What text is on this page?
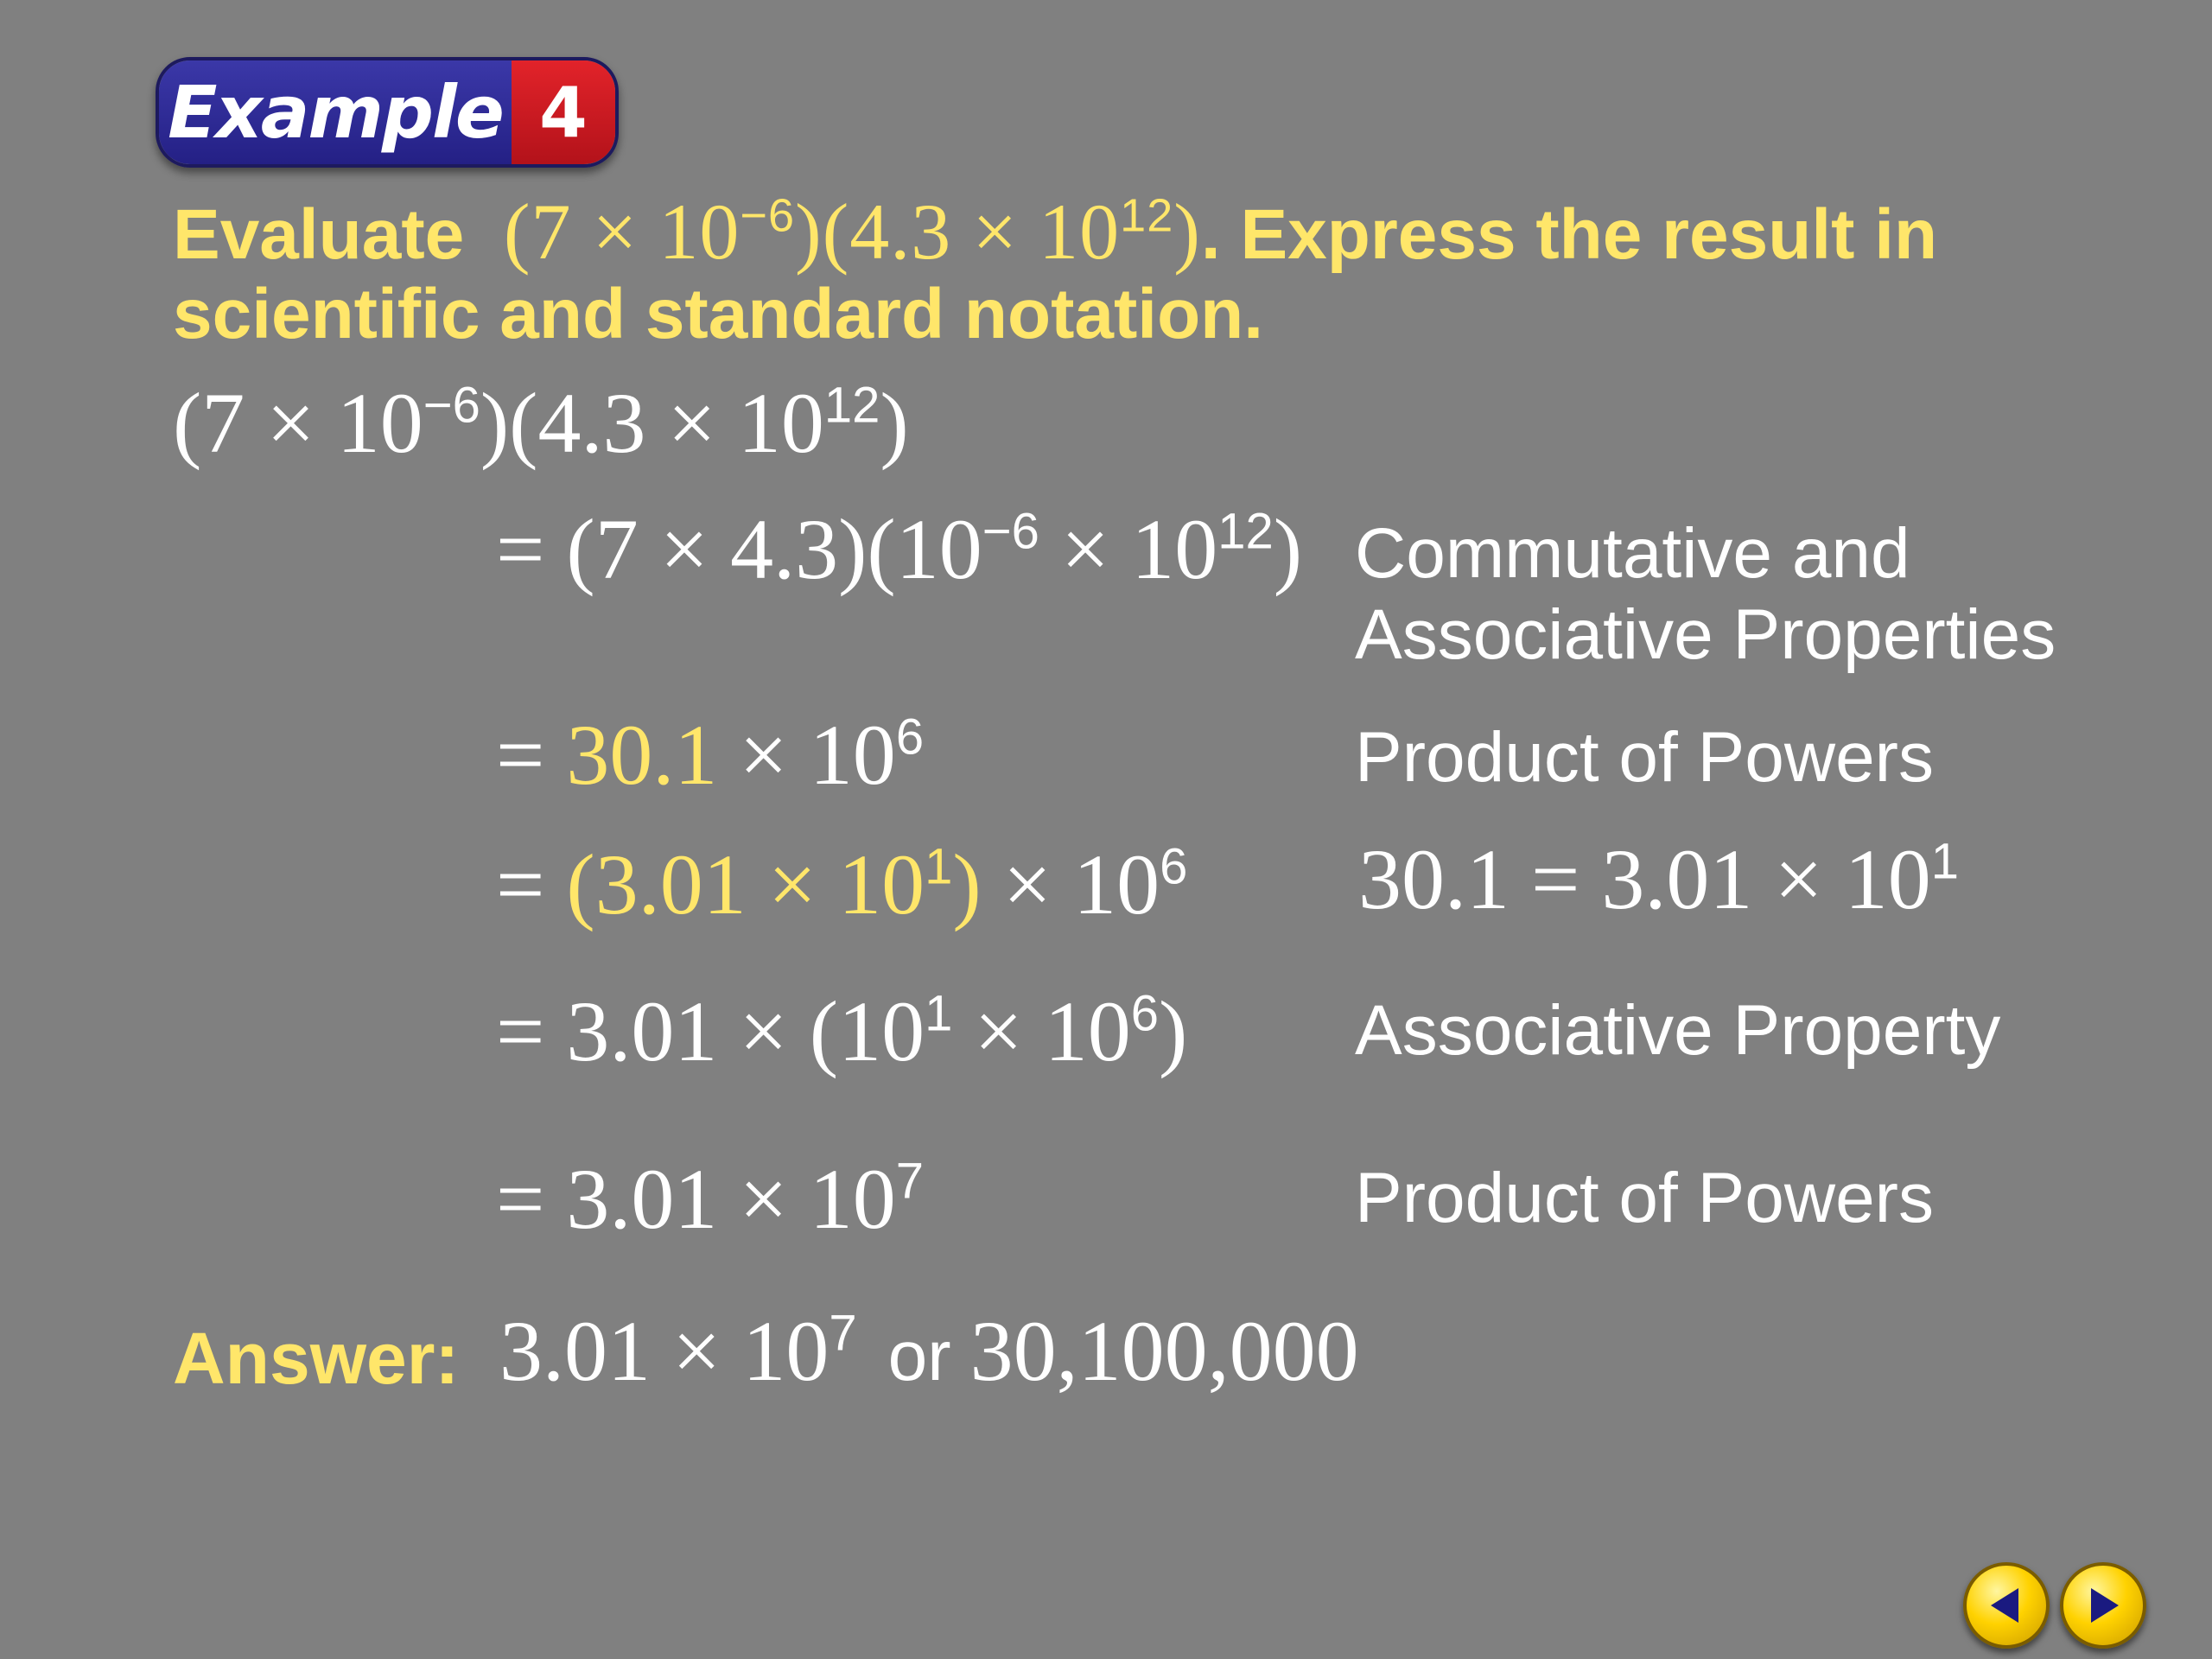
Example 4
Evaluate $(7 \times 10^{-6})(4.3 \times 10^{12})$. Express the result in scientific and standard notation.
$(7 \times 10^{-6})(4.3 \times 10^{12})$
= $(7 \times 4.3)(10^{-6} \times 10^{12})$ Commutative and
Associative Properties
= $30.1 \times 10^6$	Product of Powers
= $(3.01 \times 10^1) \times 10^6$ $30.1 = 3.01 \times 10^1$
= $3.01 \times (10^1 \times 10^6)$ Associative Property
= $3.01 \times 10^7$	Product of Powers
Answer: $3.01 \times 10^7$ or 30,100,000
